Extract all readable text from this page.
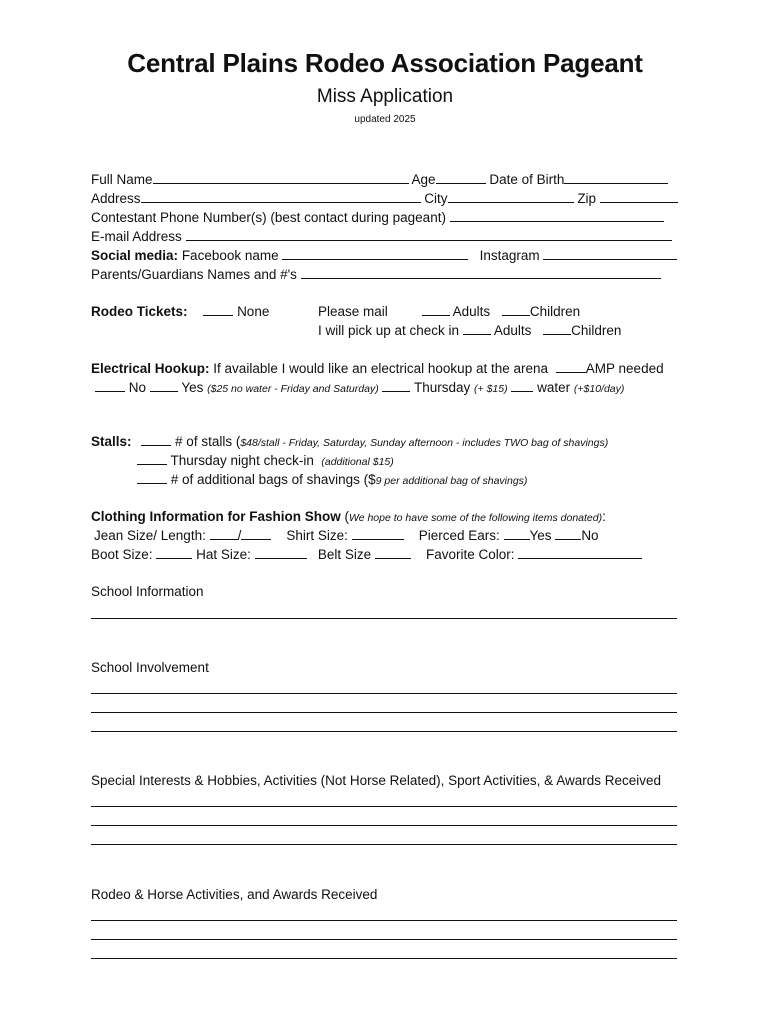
Central Plains Rodeo Association Pageant
Miss Application
updated 2025
Full Name	Age	Date of Birth
Address	City	Zip
Contestant Phone Number(s) (best contact during pageant)
E-mail Address
Social media: Facebook name	Instagram
Parents/Guardians Names and #'s
Rodeo Tickets:	None	Please mail	Adults	Children
I will pick up at check in	Adults	Children
Electrical Hookup: If available I would like an electrical hookup at the arena	AMP needed
No	Yes ($25 no water - Friday and Saturday)	Thursday (+ $15) water (+$10/day)
Stalls:	# of stalls ($48/stall - Friday, Saturday, Sunday afternoon - includes TWO bag of shavings)
Thursday night check-in (additional $15)
# of additional bags of shavings ($9 per additional bag of shavings)
Clothing Information for Fashion Show (We hope to have some of the following items donated):
Jean Size/ Length: /	Shirt Size:	Pierced Ears: Yes No
Boot Size:	Hat Size:	Belt Size	Favorite Color:
School Information
School Involvement
Special Interests & Hobbies, Activities (Not Horse Related), Sport Activities, & Awards Received
Rodeo & Horse Activities, and Awards Received
